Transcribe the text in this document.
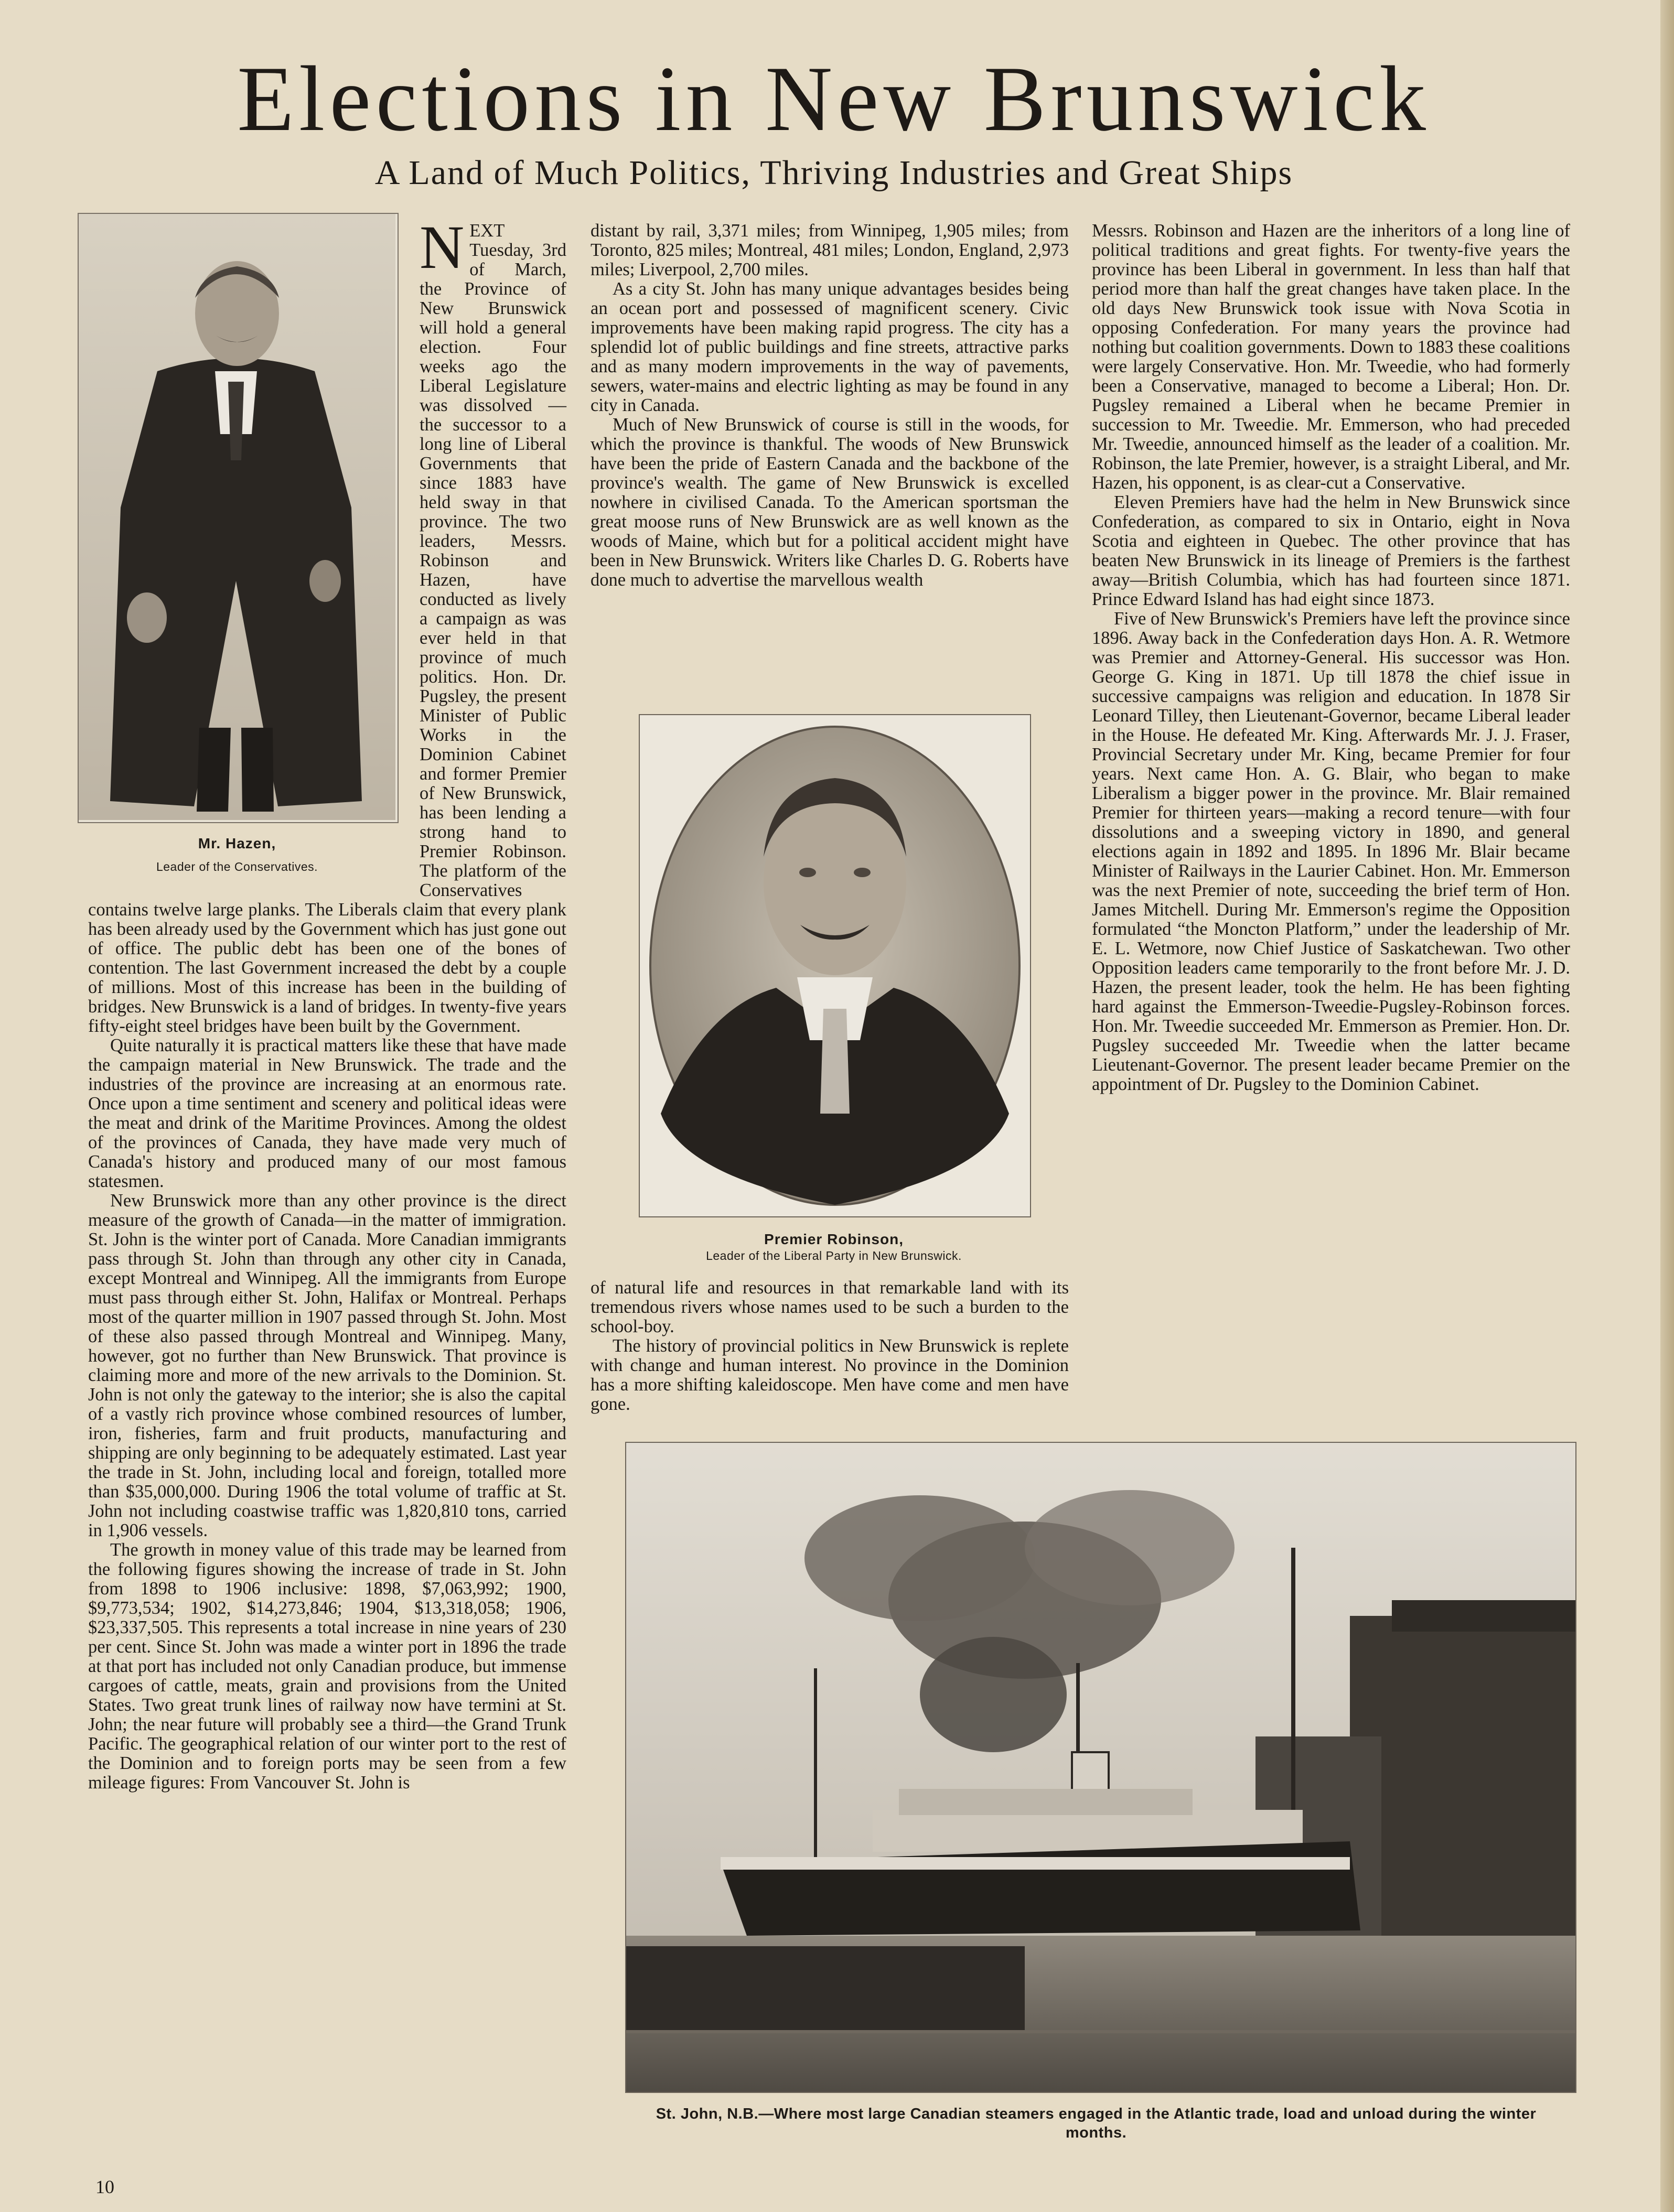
Elections in New Brunswick
A Land of Much Politics, Thriving Industries and Great Ships
Mr. Hazen,
Leader of the Conservatives.

NEXT Tuesday, 3rd of March, the Province of New Brunswick will hold a general election. Four weeks ago the Liberal Legislature was dissolved — the successor to a long line of Liberal Governments that since 1883 have held sway in that province. The two leaders, Messrs. Robinson and Hazen, have conducted as lively a campaign as was ever held in that province of much politics. Hon. Dr. Pugsley, the present Minister of Public Works in the Dominion Cabinet and former Premier of New Brunswick, has been lending a strong hand to Premier Robinson. The platform of the Conservatives contains twelve large planks. The Liberals claim that every plank has been already used by the Government which has just gone out of office. The public debt has been one of the bones of contention. The last Government increased the debt by a couple of millions. Most of this increase has been in the building of bridges. New Brunswick is a land of bridges. In twenty-five years fifty-eight steel bridges have been built by the Government.

Quite naturally it is practical matters like these that have made the campaign material in New Brunswick. The trade and the industries of the province are increasing at an enormous rate. Once upon a time sentiment and scenery and political ideas were the meat and drink of the Maritime Provinces. Among the oldest of the provinces of Canada, they have made very much of Canada's history and produced many of our most famous statesmen.

New Brunswick more than any other province is the direct measure of the growth of Canada—in the matter of immigration. St. John is the winter port of Canada. More Canadian immigrants pass through St. John than through any other city in Canada, except Montreal and Winnipeg. All the immigrants from Europe must pass through either St. John, Halifax or Montreal. Perhaps most of the quarter million in 1907 passed through St. John. Most of these also passed through Montreal and Winnipeg. Many, however, got no further than New Brunswick. That province is claiming more and more of the new arrivals to the Dominion. St. John is not only the gateway to the interior; she is also the capital of a vastly rich province whose combined resources of lumber, iron, fisheries, farm and fruit products, manufacturing and shipping are only beginning to be adequately estimated. Last year the trade in St. John, including local and foreign, totalled more than $35,000,000. During 1906 the total volume of traffic at St. John not including coastwise traffic was 1,820,810 tons, carried in 1,906 vessels.

The growth in money value of this trade may be learned from the following figures showing the increase of trade in St. John from 1898 to 1906 inclusive: 1898, $7,063,992; 1900, $9,773,534; 1902, $14,273,846; 1904, $13,318,058; 1906, $23,337,505. This represents a total increase in nine years of 230 per cent. Since St. John was made a winter port in 1896 the trade at that port has included not only Canadian produce, but immense cargoes of cattle, meats, grain and provisions from the United States. Two great trunk lines of railway now have termini at St. John; the near future will probably see a third—the Grand Trunk Pacific. The geographical relation of our winter port to the rest of the Dominion and to foreign ports may be seen from a few mileage figures: From Vancouver St. John is

distant by rail, 3,371 miles; from Winnipeg, 1,905 miles; from Toronto, 825 miles; Montreal, 481 miles; London, England, 2,973 miles; Liverpool, 2,700 miles.

As a city St. John has many unique advantages besides being an ocean port and possessed of magnificent scenery. Civic improvements have been making rapid progress. The city has a splendid lot of public buildings and fine streets, attractive parks and as many modern improvements in the way of pavements, sewers, water-mains and electric lighting as may be found in any city in Canada.

Much of New Brunswick of course is still in the woods, for which the province is thankful. The woods of New Brunswick have been the pride of Eastern Canada and the backbone of the province's wealth. The game of New Brunswick is excelled nowhere in civilised Canada. To the American sportsman the great moose runs of New Brunswick are as well known as the woods of Maine, which but for a political accident might have been in New Brunswick. Writers like Charles D. G. Roberts have done much to advertise the marvellous wealth

Premier Robinson,
Leader of the Liberal Party in New Brunswick.

of natural life and resources in that remarkable land with its tremendous rivers whose names used to be such a burden to the school-boy.

The history of provincial politics in New Brunswick is replete with change and human interest. No province in the Dominion has a more shifting kaleidoscope. Men have come and men have gone.

Messrs. Robinson and Hazen are the inheritors of a long line of political traditions and great fights. For twenty-five years the province has been Liberal in government. In less than half that period more than half the great changes have taken place. In the old days New Brunswick took issue with Nova Scotia in opposing Confederation. For many years the province had nothing but coalition governments. Down to 1883 these coalitions were largely Conservative. Hon. Mr. Tweedie, who had formerly been a Conservative, managed to become a Liberal; Hon. Dr. Pugsley remained a Liberal when he became Premier in succession to Mr. Tweedie. Mr. Emmerson, who had preceded Mr. Tweedie, announced himself as the leader of a coalition. Mr. Robinson, the late Premier, however, is a straight Liberal, and Mr. Hazen, his opponent, is as clear-cut a Conservative.

Eleven Premiers have had the helm in New Brunswick since Confederation, as compared to six in Ontario, eight in Nova Scotia and eighteen in Quebec. The other province that has beaten New Brunswick in its lineage of Premiers is the farthest away—British Columbia, which has had fourteen since 1871. Prince Edward Island has had eight since 1873.

Five of New Brunswick's Premiers have left the province since 1896. Away back in the Confederation days Hon. A. R. Wetmore was Premier and Attorney-General. His successor was Hon. George G. King in 1871. Up till 1878 the chief issue in successive campaigns was religion and education. In 1878 Sir Leonard Tilley, then Lieutenant-Governor, became Liberal leader in the House. He defeated Mr. King. Afterwards Mr. J. J. Fraser, Provincial Secretary under Mr. King, became Premier for four years. Next came Hon. A. G. Blair, who began to make Liberalism a bigger power in the province. Mr. Blair remained Premier for thirteen years—making a record tenure—with four dissolutions and a sweeping victory in 1890, and general elections again in 1892 and 1895. In 1896 Mr. Blair became Minister of Railways in the Laurier Cabinet. Hon. Mr. Emmerson was the next Premier of note, succeeding the brief term of Hon. James Mitchell. During Mr. Emmerson's regime the Opposition formulated “the Moncton Platform,” under the leadership of Mr. E. L. Wetmore, now Chief Justice of Saskatchewan. Two other Opposition leaders came temporarily to the front before Mr. J. D. Hazen, the present leader, took the helm. He has been fighting hard against the Emmerson-Tweedie-Pugsley-Robinson forces. Hon. Mr. Tweedie succeeded Mr. Emmerson as Premier. Hon. Dr. Pugsley succeeded Mr. Tweedie when the latter became Lieutenant-Governor. The present leader became Premier on the appointment of Dr. Pugsley to the Dominion Cabinet.

St. John, N.B.—Where most large Canadian steamers engaged in the Atlantic trade, load and unload during the winter months.
10
